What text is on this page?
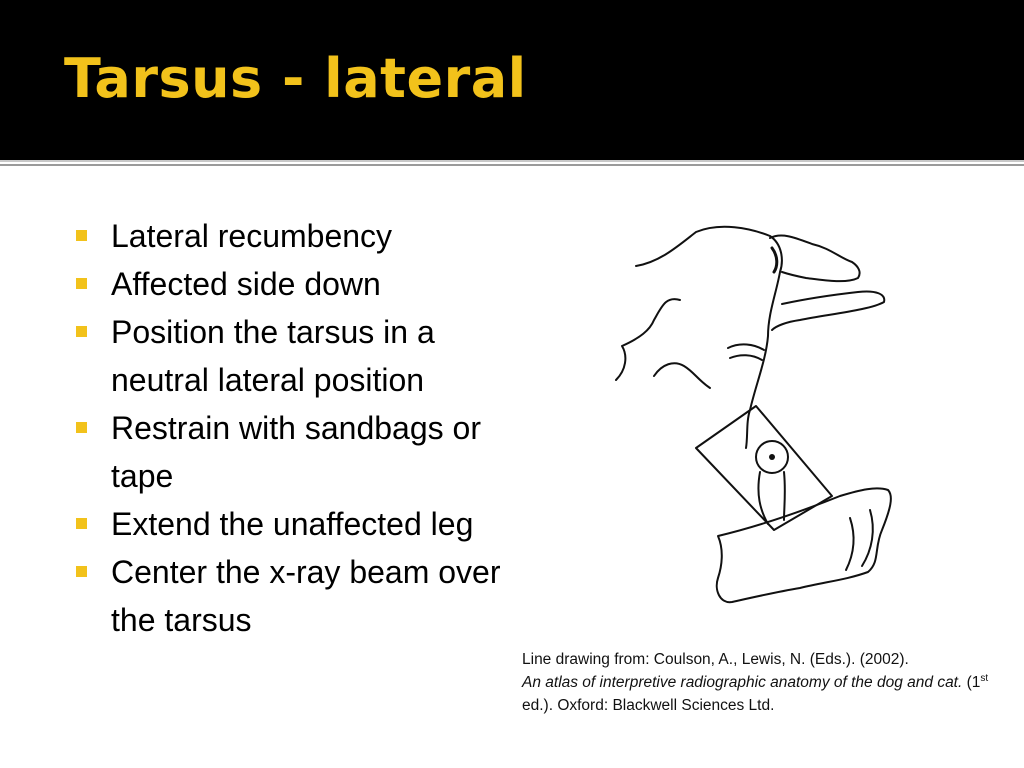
Tarsus - lateral
Lateral recumbency
Affected side down
Position the tarsus in a neutral lateral position
Restrain with sandbags or tape
Extend the unaffected leg
Center the x-ray beam over the tarsus
Line drawing from: Coulson, A., Lewis, N. (Eds.). (2002).
An atlas of interpretive radiographic anatomy of the dog and cat. (1st ed.). Oxford: Blackwell Sciences Ltd.
